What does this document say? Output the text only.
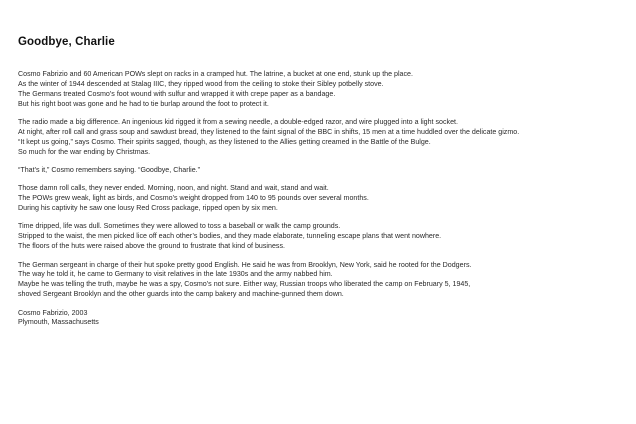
Goodbye, Charlie
Cosmo Fabrizio and 60 American POWs slept on racks in a cramped hut. The latrine, a bucket at one end, stunk up the place.
As the winter of 1944 descended at Stalag IIIC, they ripped wood from the ceiling to stoke their Sibley potbelly stove.
The Germans treated Cosmo’s foot wound with sulfur and wrapped it with crepe paper as a bandage.
But his right boot was gone and he had to tie burlap around the foot to protect it.
The radio made a big difference. An ingenious kid rigged it from a sewing needle, a double-edged razor, and wire plugged into a light socket.
At night, after roll call and grass soup and sawdust bread, they listened to the faint signal of the BBC in shifts, 15 men at a time huddled over the delicate gizmo.
“It kept us going,” says Cosmo. Their spirits sagged, though, as they listened to the Allies getting creamed in the Battle of the Bulge.
So much for the war ending by Christmas.
“That’s it,” Cosmo remembers saying. “Goodbye, Charlie.”
Those damn roll calls, they never ended. Morning, noon, and night. Stand and wait, stand and wait.
The POWs grew weak, light as birds, and Cosmo’s weight dropped from 140 to 95 pounds over several months.
During his captivity he saw one lousy Red Cross package, ripped open by six men.
Time dripped, life was dull. Sometimes they were allowed to toss a baseball or walk the camp grounds.
Stripped to the waist, the men picked lice off each other’s bodies, and they made elaborate, tunneling escape plans that went nowhere.
The floors of the huts were raised above the ground to frustrate that kind of business.
The German sergeant in charge of their hut spoke pretty good English. He said he was from Brooklyn, New York, said he rooted for the Dodgers.
The way he told it, he came to Germany to visit relatives in the late 1930s and the army nabbed him.
Maybe he was telling the truth, maybe he was a spy, Cosmo’s not sure. Either way, Russian troops who liberated the camp on February 5, 1945,
shoved Sergeant Brooklyn and the other guards into the camp bakery and machine-gunned them down.
Cosmo Fabrizio, 2003
Plymouth, Massachusetts
